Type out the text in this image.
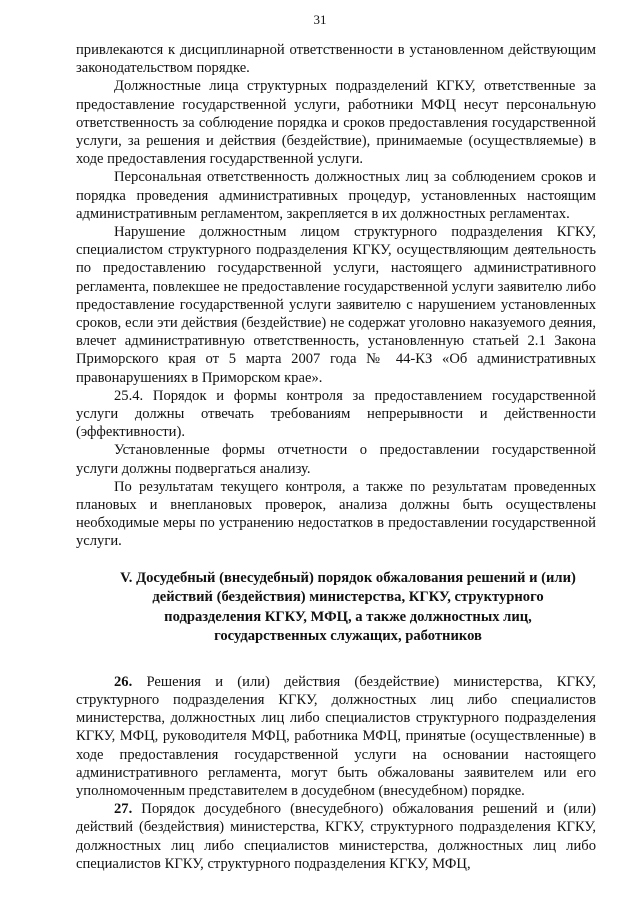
31

привлекаются к дисциплинарной ответственности в установленном действующим законодательством порядке.

Должностные лица структурных подразделений КГКУ, ответственные за предоставление государственной услуги, работники МФЦ несут персональную ответственность за соблюдение порядка и сроков предоставления государственной услуги, за решения и действия (бездействие), принимаемые (осуществляемые) в ходе предоставления государственной услуги.

Персональная ответственность должностных лиц за соблюдением сроков и порядка проведения административных процедур, установленных настоящим административным регламентом, закрепляется в их должностных регламентах.

Нарушение должностным лицом структурного подразделения КГКУ, специалистом структурного подразделения КГКУ, осуществляющим деятельность по предоставлению государственной услуги, настоящего административного регламента, повлекшее не предоставление государственной услуги заявителю либо предоставление государственной услуги заявителю с нарушением установленных сроков, если эти действия (бездействие) не содержат уголовно наказуемого деяния, влечет административную ответственность, установленную статьей 2.1 Закона Приморского края от 5 марта 2007 года № 44-КЗ «Об административных правонарушениях в Приморском крае».

25.4. Порядок и формы контроля за предоставлением государственной услуги должны отвечать требованиям непрерывности и действенности (эффективности).

Установленные формы отчетности о предоставлении государственной услуги должны подвергаться анализу.

По результатам текущего контроля, а также по результатам проведенных плановых и внеплановых проверок, анализа должны быть осуществлены необходимые меры по устранению недостатков в предоставлении государственной услуги.

V. Досудебный (внесудебный) порядок обжалования решений и (или)
действий (бездействия) министерства, КГКУ, структурного
подразделения КГКУ, МФЦ, а также должностных лиц,
государственных служащих, работников

26. Решения и (или) действия (бездействие) министерства, КГКУ, структурного подразделения КГКУ, должностных лиц либо специалистов министерства, должностных лиц либо специалистов структурного подразделения КГКУ, МФЦ, руководителя МФЦ, работника МФЦ, принятые (осуществленные) в ходе предоставления государственной услуги на основании настоящего административного регламента, могут быть обжалованы заявителем или его уполномоченным представителем в досудебном (внесудебном) порядке.

27. Порядок досудебного (внесудебного) обжалования решений и (или) действий (бездействия) министерства, КГКУ, структурного подразделения КГКУ, должностных лиц либо специалистов министерства, должностных лиц либо специалистов КГКУ, структурного подразделения КГКУ, МФЦ,
